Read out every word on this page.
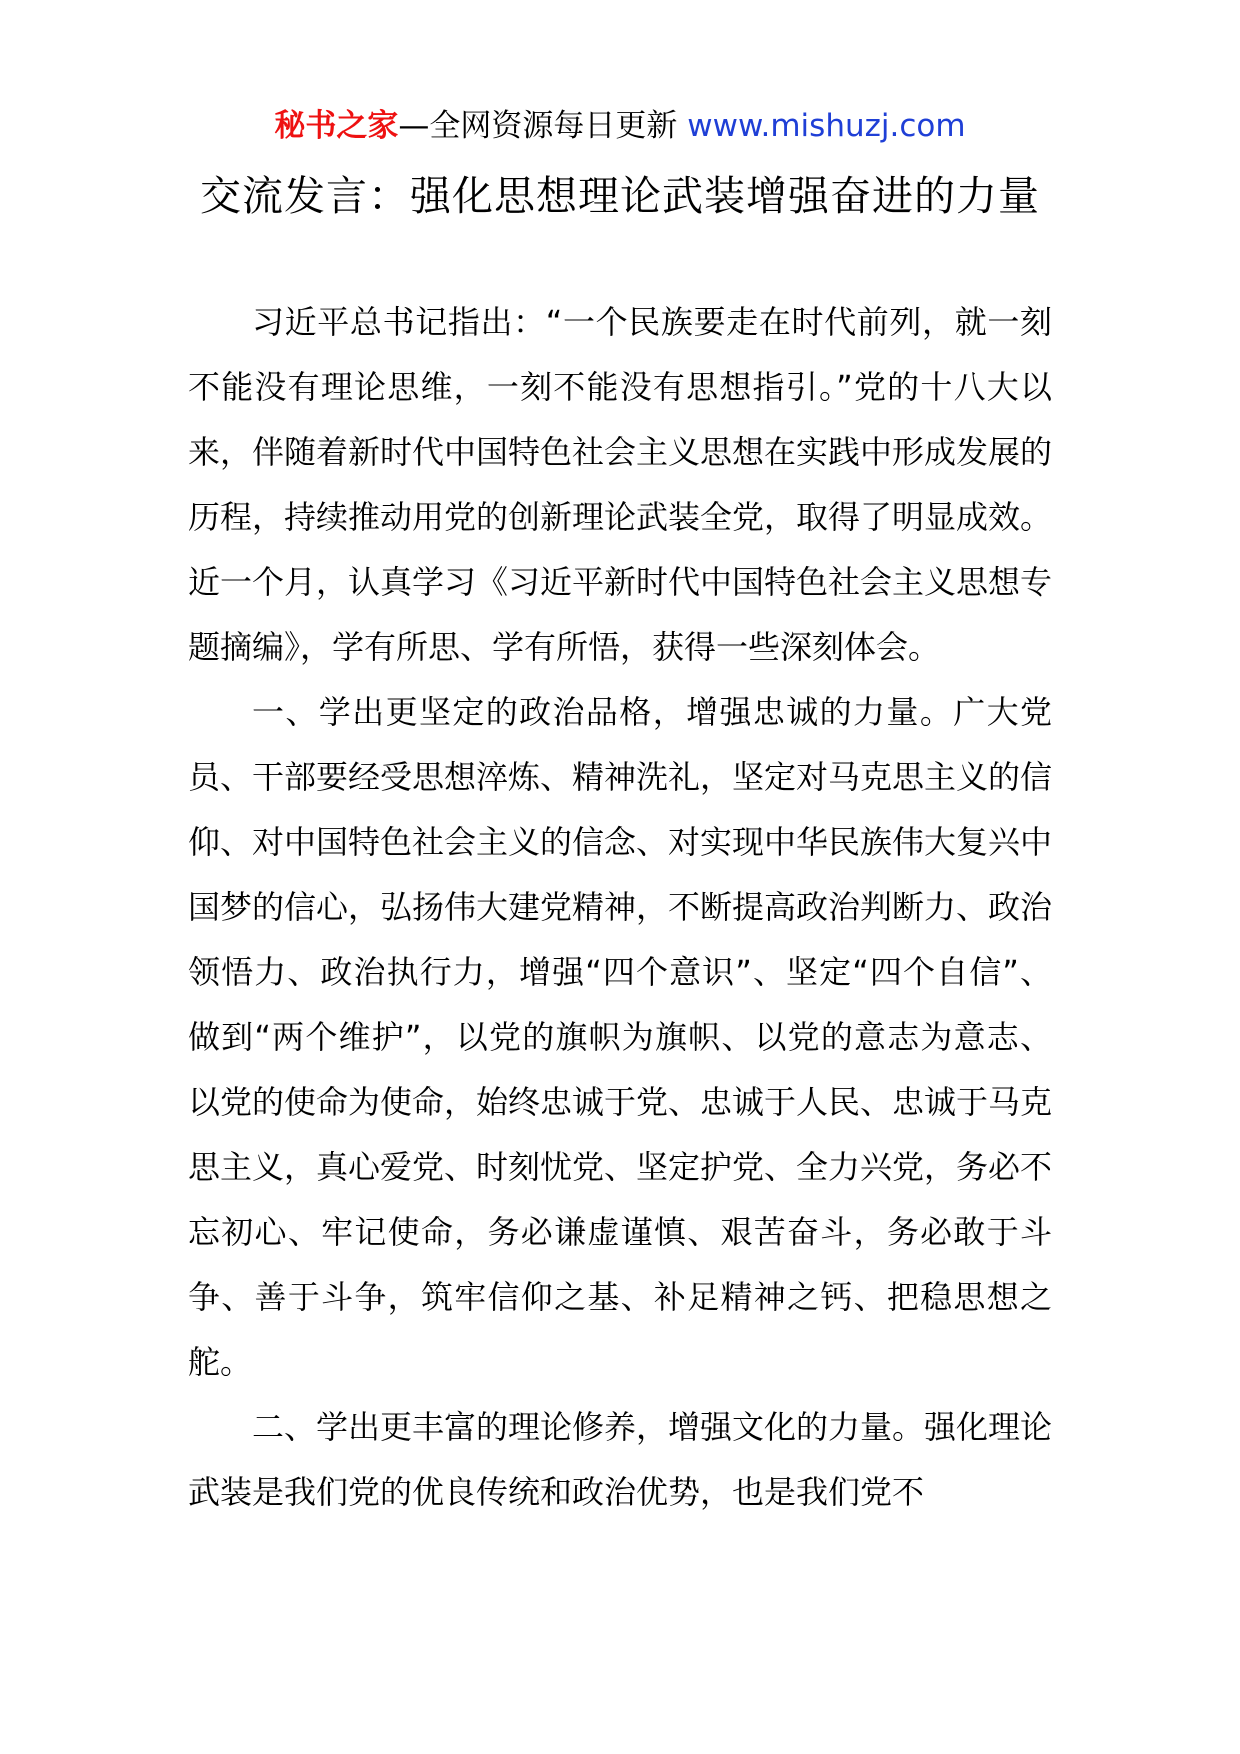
秘书之家—全网资源每日更新 www.mishuzj.com
交流发言：强化思想理论武装增强奋进的力量

习近平总书记指出：“一个民族要走在时代前列，就一刻不能没有理论思维，一刻不能没有思想指引。”党的十八大以来，伴随着新时代中国特色社会主义思想在实践中形成发展的历程，持续推动用党的创新理论武装全党，取得了明显成效。近一个月，认真学习《习近平新时代中国特色社会主义思想专题摘编》，学有所思、学有所悟，获得一些深刻体会。

一、学出更坚定的政治品格，增强忠诚的力量。广大党员、干部要经受思想淬炼、精神洗礼，坚定对马克思主义的信仰、对中国特色社会主义的信念、对实现中华民族伟大复兴中国梦的信心，弘扬伟大建党精神，不断提高政治判断力、政治领悟力、政治执行力，增强“四个意识”、坚定“四个自信”、做到“两个维护”，以党的旗帜为旗帜、以党的意志为意志、以党的使命为使命，始终忠诚于党、忠诚于人民、忠诚于马克思主义，真心爱党、时刻忧党、坚定护党、全力兴党，务必不忘初心、牢记使命，务必谦虚谨慎、艰苦奋斗，务必敢于斗争、善于斗争，筑牢信仰之基、补足精神之钙、把稳思想之舵。

二、学出更丰富的理论修养，增强文化的力量。强化理论武装是我们党的优良传统和政治优势，也是我们党不
